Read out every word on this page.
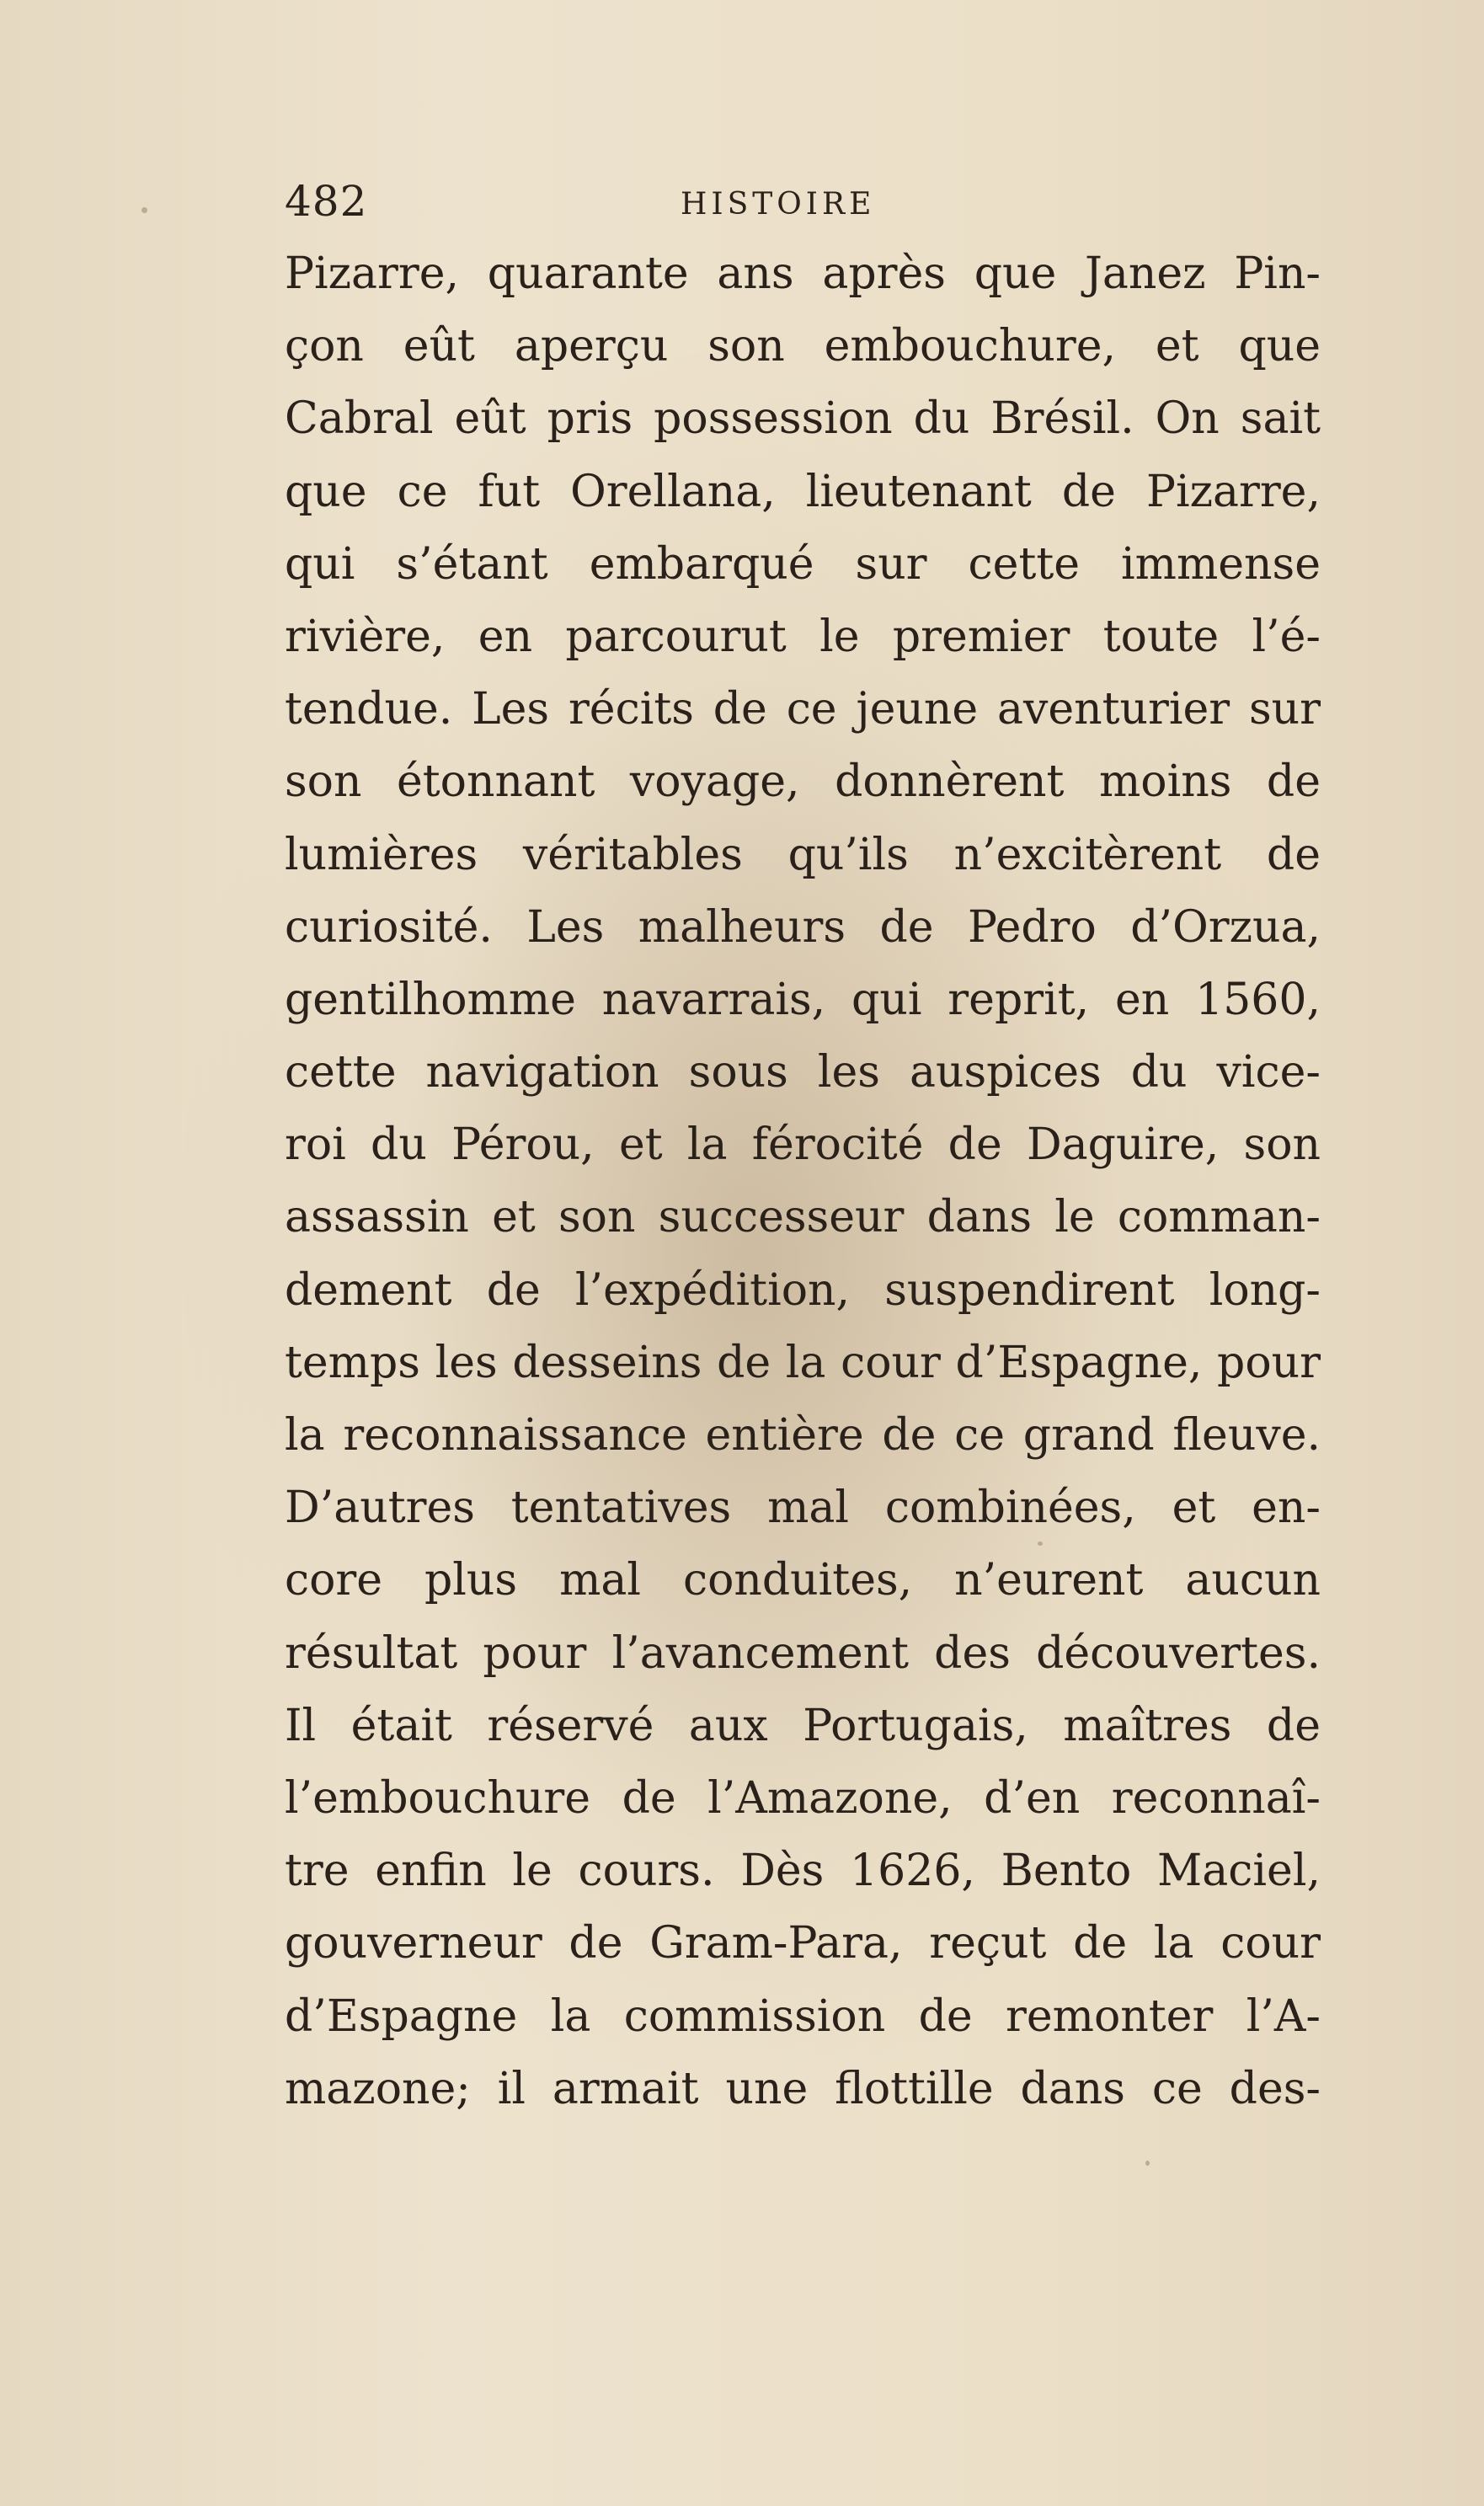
482	HISTOIRE
Pizarre, quarante ans après que Janez Pin-
çon eût aperçu son embouchure, et que
Cabral eût pris possession du Brésil. On sait
que ce fut Orellana, lieutenant de Pizarre,
qui s’étant embarqué sur cette immense
rivière, en parcourut le premier toute l’é-
tendue. Les récits de ce jeune aventurier sur
son étonnant voyage, donnèrent moins de
lumières véritables qu’ils n’excitèrent de
curiosité. Les malheurs de Pedro d’Orzua,
gentilhomme navarrais, qui reprit, en 1560,
cette navigation sous les auspices du vice-
roi du Pérou, et la férocité de Daguire, son
assassin et son successeur dans le comman-
dement de l’expédition, suspendirent long-
temps les desseins de la cour d’Espagne, pour
la reconnaissance entière de ce grand fleuve.
D’autres tentatives mal combinées, et en-
core plus mal conduites, n’eurent aucun
résultat pour l’avancement des découvertes.
Il était réservé aux Portugais, maîtres de
l’embouchure de l’Amazone, d’en reconnaî-
tre enfin le cours. Dès 1626, Bento Maciel,
gouverneur de Gram-Para, reçut de la cour
d’Espagne la commission de remonter l’A-
mazone; il armait une flottille dans ce des-
